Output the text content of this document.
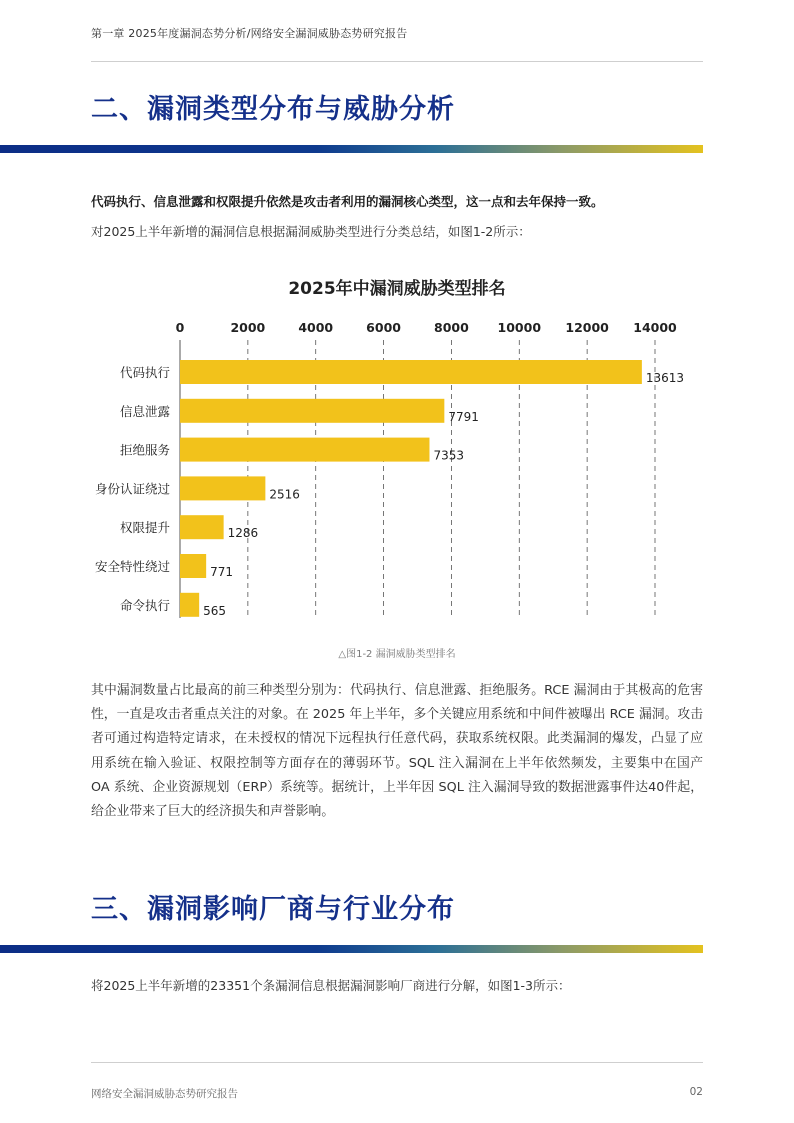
第一章 2025年度漏洞态势分析/网络安全漏洞威胁态势研究报告
二、漏洞类型分布与威胁分析
代码执行、信息泄露和权限提升依然是攻击者利用的漏洞核心类型，这一点和去年保持一致。
对2025上半年新增的漏洞信息根据漏洞威胁类型进行分类总结，如图1-2所示：
2025年中漏洞威胁类型排名
0	2000	4000	6000	8000 10000 12000 14000
代码执行
信息泄露
拒绝服务
身份认证绕过
权限提升
安全特性绕过
命令执行
13613
7791
7353
2516
1286
771
565
△图1-2 漏洞威胁类型排名
其中漏洞数量占比最高的前三种类型分别为：代码执行、信息泄露、拒绝服务。RCE 漏洞由于其极高的危害性，一直是攻击者重点关注的对象。在 2025 年上半年，多个关键应用系统和中间件被曝出 RCE 漏洞。攻击者可通过构造特定请求，在未授权的情况下远程执行任意代码，获取系统权限。此类漏洞的爆发，凸显了应用系统在输入验证、权限控制等方面存在的薄弱环节。SQL 注入漏洞在上半年依然频发，主要集中在国产 OA 系统、企业资源规划（ERP）系统等。据统计，上半年因 SQL 注入漏洞导致的数据泄露事件达40件起，给企业带来了巨大的经济损失和声誉影响。
三、漏洞影响厂商与行业分布
将2025上半年新增的23351个条漏洞信息根据漏洞影响厂商进行分解，如图1-3所示：
网络安全漏洞威胁态势研究报告	02
